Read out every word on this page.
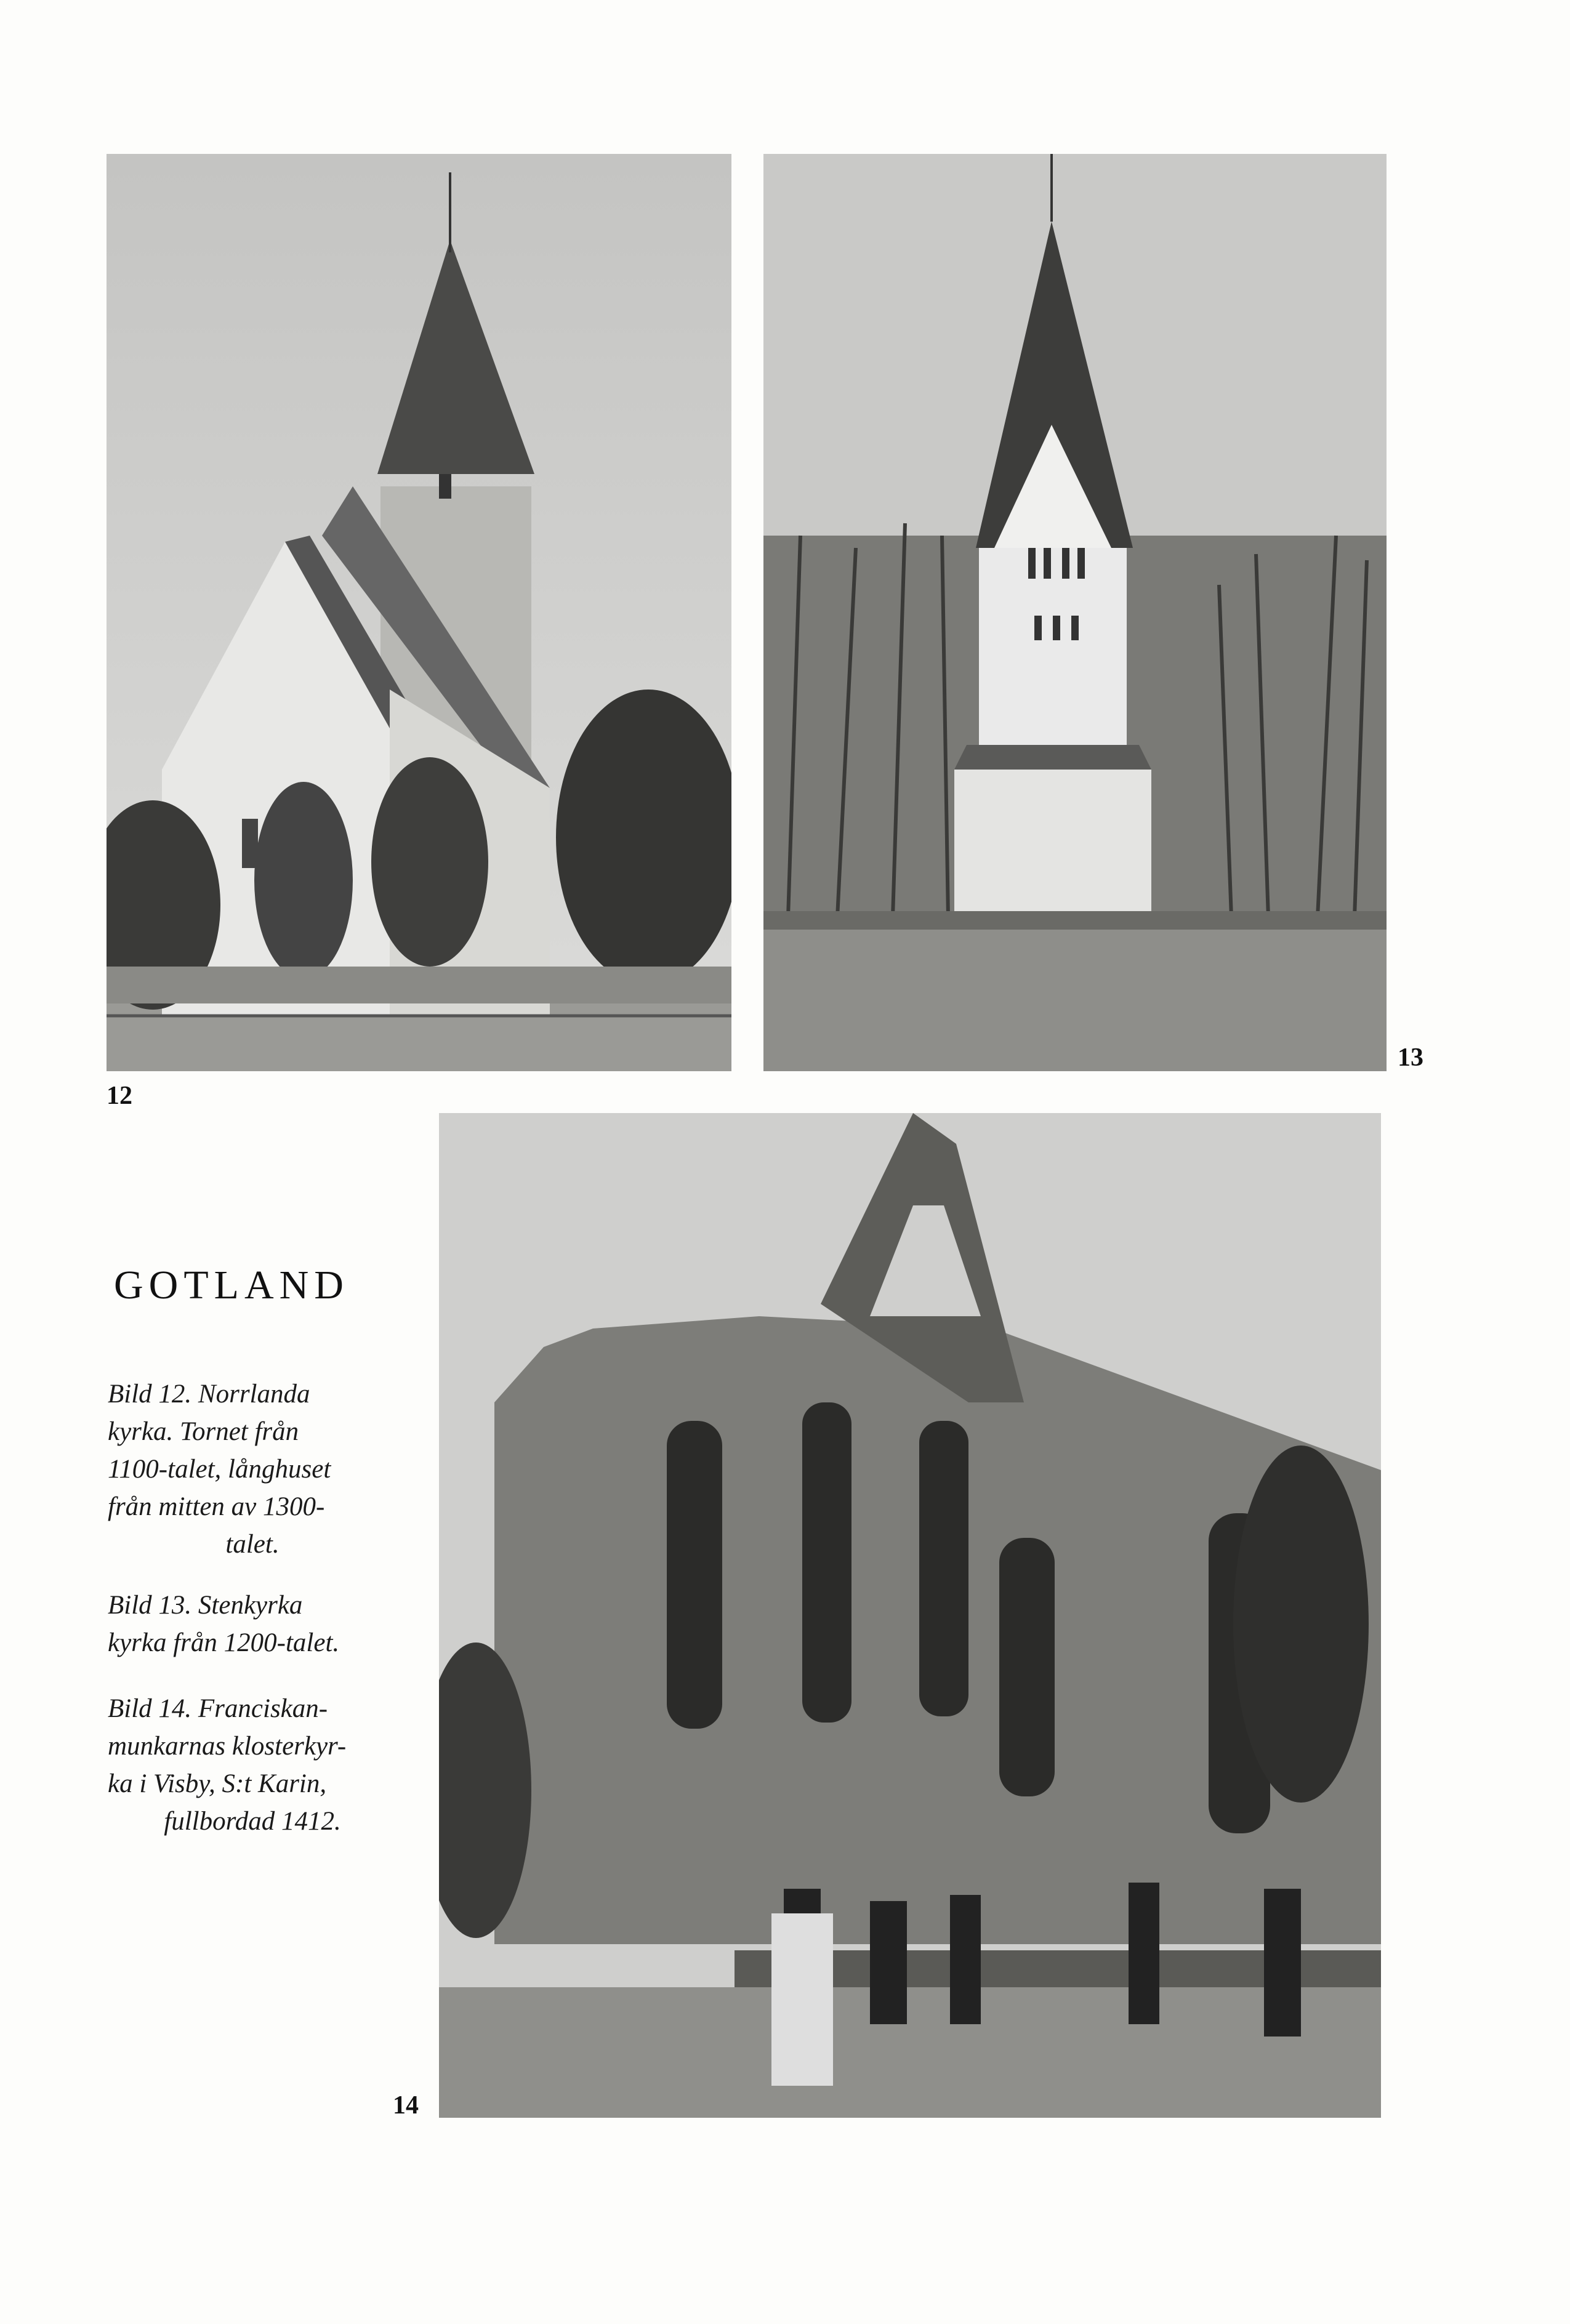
12
13
14
GOTLAND
Bild 12. Norrlanda
kyrka. Tornet från
1100-talet, långhuset
från mitten av 1300-
talet.
Bild 13. Stenkyrka
kyrka från 1200-talet.
Bild 14. Franciskan-
munkarnas klosterkyr-
ka i Visby, S:t Karin,
fullbordad 1412.
